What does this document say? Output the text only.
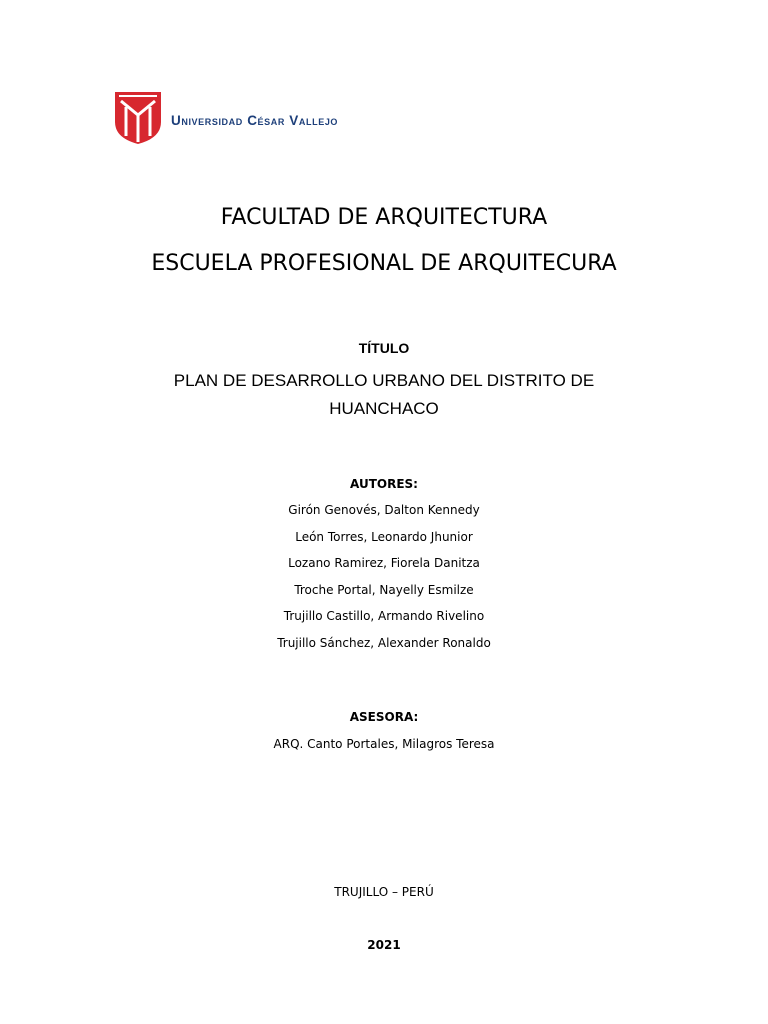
Universidad César Vallejo
FACULTAD DE ARQUITECTURA
ESCUELA PROFESIONAL DE ARQUITECURA
TÍTULO
PLAN DE DESARROLLO URBANO DEL DISTRITO DE
HUANCHACO
AUTORES:
Girón Genovés, Dalton Kennedy
León Torres, Leonardo Jhunior
Lozano Ramirez, Fiorela Danitza
Troche Portal, Nayelly Esmilze
Trujillo Castillo, Armando Rivelino
Trujillo Sánchez, Alexander Ronaldo
ASESORA:
ARQ. Canto Portales, Milagros Teresa
TRUJILLO – PERÚ
2021
